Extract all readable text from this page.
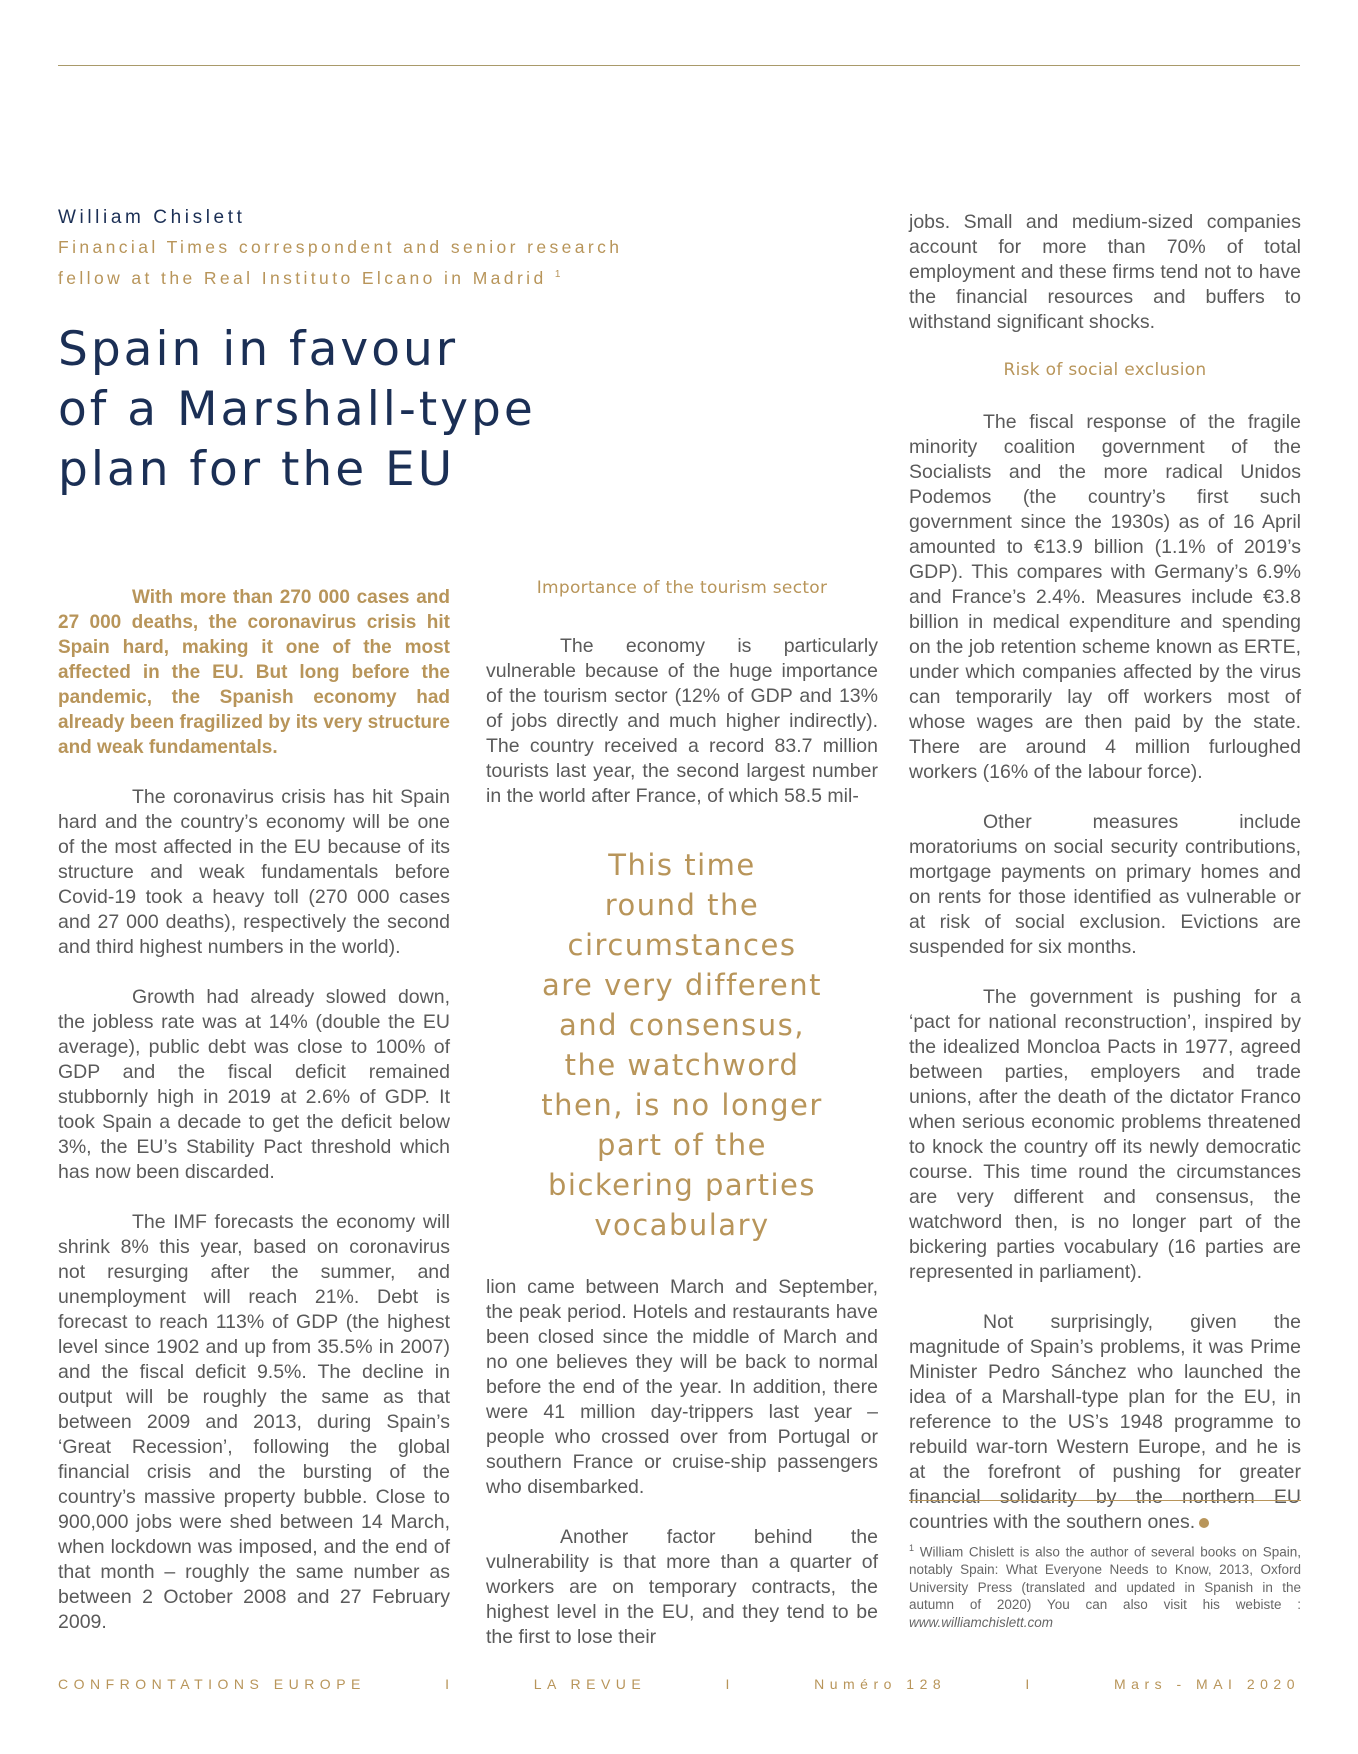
William Chislett
Financial Times correspondent and senior research
fellow at the Real Instituto Elcano in Madrid $^1$
Spain in favour
of a Marshall-type
plan for the EU

With more than 270 000 cases and 27 000 deaths, the coronavirus crisis hit Spain hard, making it one of the most affected in the EU. But long before the pandemic, the Spanish economy had already been fragilized by its very structure and weak fundamentals.

The coronavirus crisis has hit Spain hard and the country’s economy will be one of the most affected in the EU because of its structure and weak fundamentals before Covid-19 took a heavy toll (270 000 cases and 27 000 deaths), respectively the second and third highest numbers in the world).

Growth had already slowed down, the jobless rate was at 14% (double the EU average), public debt was close to 100% of GDP and the fiscal deficit remained stubbornly high in 2019 at 2.6% of GDP. It took Spain a decade to get the deficit below 3%, the EU’s Stability Pact threshold which has now been discarded.

The IMF forecasts the economy will shrink 8% this year, based on coronavirus not resurging after the summer, and unemployment will reach 21%. Debt is forecast to reach 113% of GDP (the highest level since 1902 and up from 35.5% in 2007) and the fiscal deficit 9.5%. The decline in output will be roughly the same as that between 2009 and 2013, during Spain’s ‘Great Recession’, following the global financial crisis and the bursting of the country’s massive property bubble. Close to 900,000 jobs were shed between 14 March, when lockdown was imposed, and the end of that month – roughly the same number as between 2 October 2008 and 27 February 2009.

Importance of the tourism sector

The economy is particularly vulnerable because of the huge importance of the tourism sector (12% of GDP and 13% of jobs directly and much higher indirectly). The country received a record 83.7 million tourists last year, the second largest number in the world after France, of which 58.5 mil-

This time
round the
circumstances
are very different
and consensus,
the watchword
then, is no longer
part of the
bickering parties
vocabulary

lion came between March and September, the peak period. Hotels and restaurants have been closed since the middle of March and no one believes they will be back to normal before the end of the year. In addition, there were 41 million day-trippers last year – people who crossed over from Portugal or southern France or cruise-ship passengers who disembarked.

Another factor behind the vulnerability is that more than a quarter of workers are on temporary contracts, the highest level in the EU, and they tend to be the first to lose their

jobs. Small and medium-sized companies account for more than 70% of total employment and these firms tend not to have the financial resources and buffers to withstand significant shocks.

Risk of social exclusion

The fiscal response of the fragile minority coalition government of the Socialists and the more radical Unidos Podemos (the country’s first such government since the 1930s) as of 16 April amounted to €13.9 billion (1.1% of 2019’s GDP). This compares with Germany’s 6.9% and France’s 2.4%. Measures include €3.8 billion in medical expenditure and spending on the job retention scheme known as ERTE, under which companies affected by the virus can temporarily lay off workers most of whose wages are then paid by the state. There are around 4 million furloughed workers (16% of the labour force).

Other measures include moratoriums on social security contributions, mortgage payments on primary homes and on rents for those identified as vulnerable or at risk of social exclusion. Evictions are suspended for six months.

The government is pushing for a ‘pact for national reconstruction’, inspired by the idealized Moncloa Pacts in 1977, agreed between parties, employers and trade unions, after the death of the dictator Franco when serious economic problems threatened to knock the country off its newly democratic course. This time round the circumstances are very different and consensus, the watchword then, is no longer part of the bickering parties vocabulary (16 parties are represented in parliament).

Not surprisingly, given the magnitude of Spain’s problems, it was Prime Minister Pedro Sánchez who launched the idea of a Marshall-type plan for the EU, in reference to the US’s 1948 programme to rebuild war-torn Western Europe, and he is at the forefront of pushing for greater financial solidarity by the northern EU countries with the southern ones.

$^1$ William Chislett is also the author of several books on Spain, notably Spain: What Everyone Needs to Know, 2013, Oxford University Press (translated and updated in Spanish in the autumn of 2020) You can also visit his webiste : www.williamchislett.com
CONFRONTATIONS EUROPE	I	LA REVUE	I	Numéro 128	I	Mars - MAI 2020
